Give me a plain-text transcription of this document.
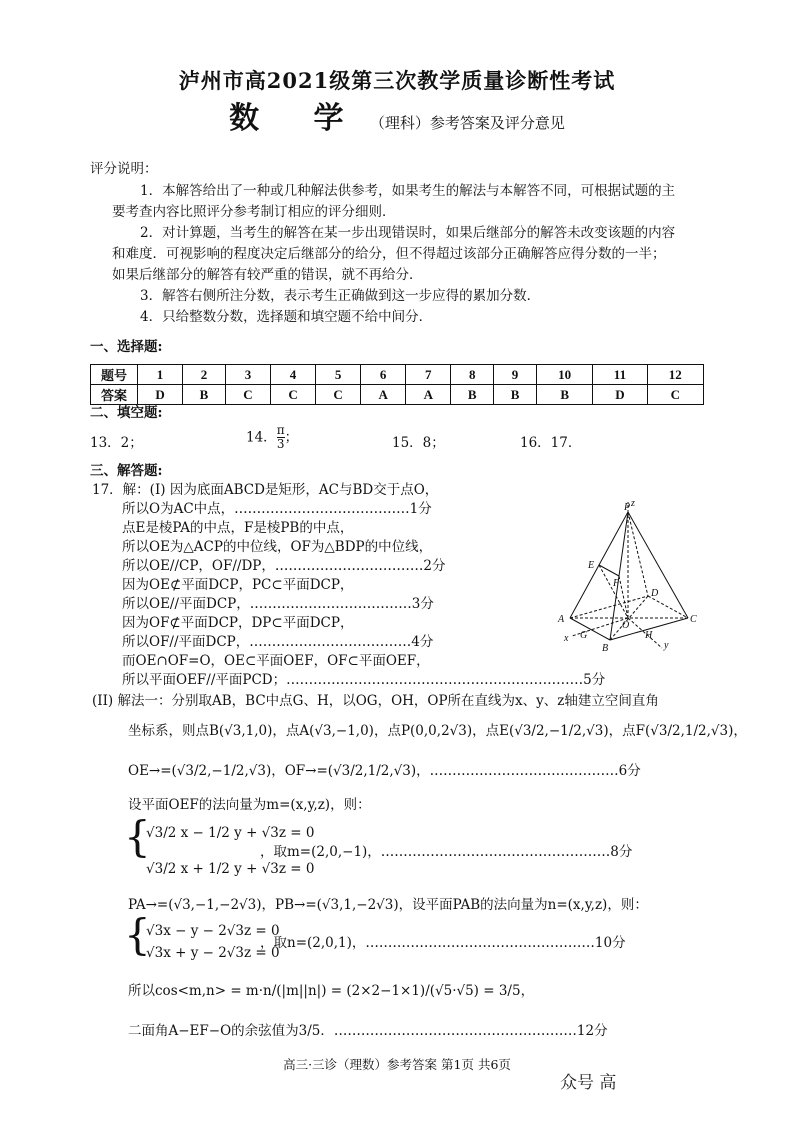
泸州市高2021级第三次教学质量诊断性考试
数 学 （理科）参考答案及评分意见
评分说明：
1．本解答给出了一种或几种解法供参考，如果考生的解法与本解答不同，可根据试题的主
要考查内容比照评分参考制订相应的评分细则．
2．对计算题，当考生的解答在某一步出现错误时，如果后继部分的解答未改变该题的内容
和难度．可视影响的程度决定后继部分的给分，但不得超过该部分正确解答应得分数的一半；
如果后继部分的解答有较严重的错误，就不再给分．
3．解答右侧所注分数，表示考生正确做到这一步应得的累加分数．
4．只给整数分数，选择题和填空题不给中间分．
一、选择题:
题号	1	2	3	4	5	6	7	8	9	10	11	12
答案	D	B	C	C	C	A	A	B	B	B	D	C
二、填空题:
13．2；	14． $\frac{\pi}{3}$ ；	15．8；	16．17．
三、解答题:
17．解：(I) 因为底面ABCD是矩形，AC与BD交于点O，
所以O为AC中点，…………………………………1分
点E是棱PA的中点，F是棱PB的中点，
所以OE为△ACP的中位线，OF为△BDP的中位线，
所以OE//CP，OF//DP，……………………………2分
因为OE⊄平面DCP，PC⊂平面DCP，
所以OE//平面DCP，………………………………3分
因为OF⊄平面DCP，DP⊂平面DCP，
所以OF//平面DCP，………………………………4分
而OE∩OF=O，OE⊂平面OEF，OF⊂平面OEF，
所以平面OEF//平面PCD；…………………………………………………………5分
P
E
F
D
C
A
G
O
H
B
x
y
z
(II) 解法一：分别取AB，BC中点G、H，以OG，OH，OP所在直线为x、y、z轴建立空间直角
坐标系，则点B(√3,1,0)，点A(√3,−1,0)，点P(0,0,2√3)，点E(√3/2,−1/2,√3)，点F(√3/2,1/2,√3)，
OE→=(√3/2,−1/2,√3)，OF→=(√3/2,1/2,√3)，……………………………………6分
设平面OEF的法向量为m=(x,y,z)，则：
{
√3/2 x − 1/2 y + √3z = 0
√3/2 x + 1/2 y + √3z = 0
，取m=(2,0,−1)，……………………………………………8分
PA→=(√3,−1,−2√3)，PB→=(√3,1,−2√3)，设平面PAB的法向量为n=(x,y,z)，则：
{
√3x − y − 2√3z = 0
√3x + y − 2√3z = 0
，取n=(2,0,1)，……………………………………………10分
所以cos<m,n> = m·n/(|m||n|) = (2×2−1×1)/(√5·√5) = 3/5，
二面角A−EF−O的余弦值为3/5．………………………………………………12分
高三·三诊（理数）参考答案 第1页 共6页
众号 高
